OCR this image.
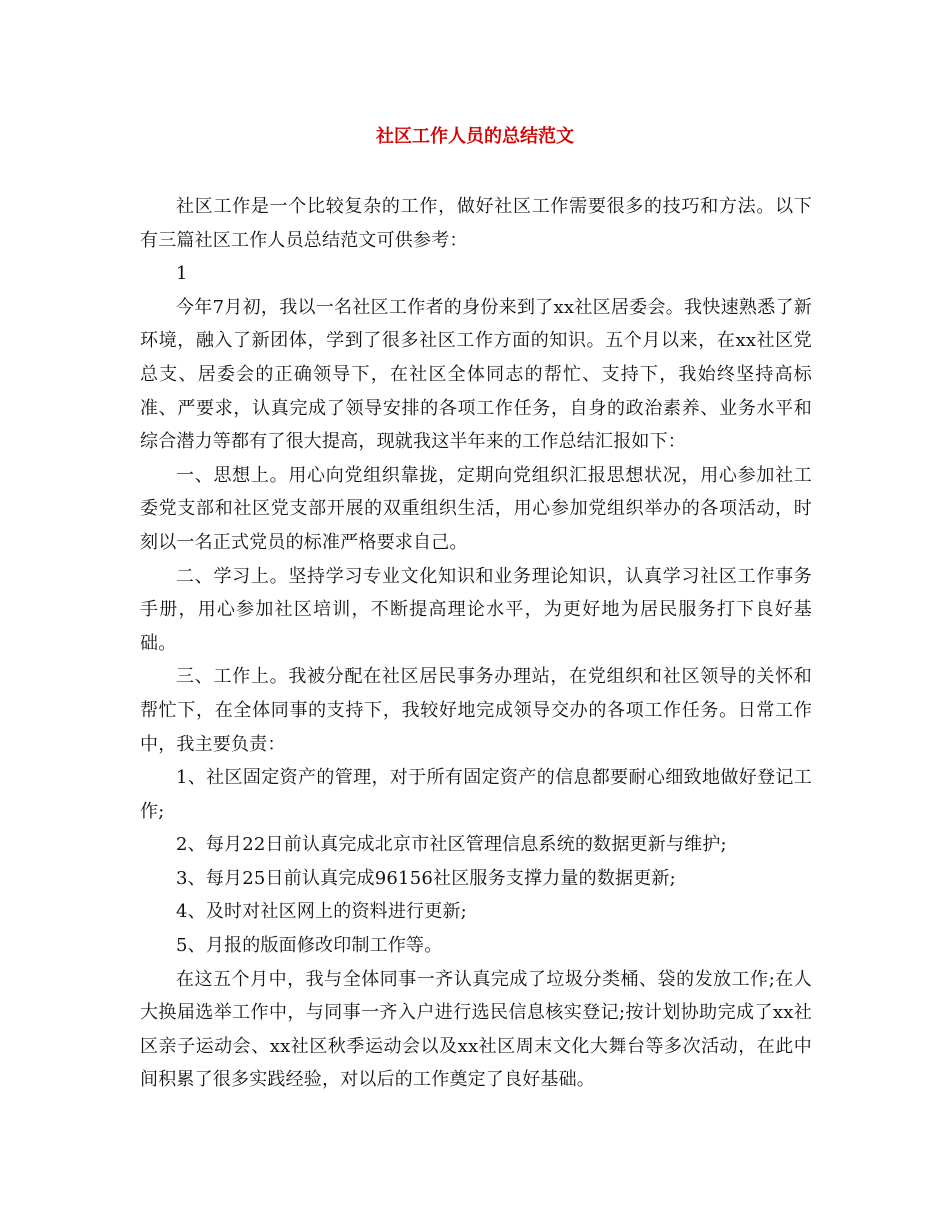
社区工作人员的总结范文

社区工作是一个比较复杂的工作，做好社区工作需要很多的技巧和方法。以下有三篇社区工作人员总结范文可供参考：

1

今年7月初，我以一名社区工作者的身份来到了xx社区居委会。我快速熟悉了新环境，融入了新团体，学到了很多社区工作方面的知识。五个月以来，在xx社区党总支、居委会的正确领导下，在社区全体同志的帮忙、支持下，我始终坚持高标准、严要求，认真完成了领导安排的各项工作任务，自身的政治素养、业务水平和综合潜力等都有了很大提高，现就我这半年来的工作总结汇报如下：

一、思想上。用心向党组织靠拢，定期向党组织汇报思想状况，用心参加社工委党支部和社区党支部开展的双重组织生活，用心参加党组织举办的各项活动，时刻以一名正式党员的标准严格要求自己。

二、学习上。坚持学习专业文化知识和业务理论知识，认真学习社区工作事务手册，用心参加社区培训，不断提高理论水平，为更好地为居民服务打下良好基础。

三、工作上。我被分配在社区居民事务办理站，在党组织和社区领导的关怀和帮忙下，在全体同事的支持下，我较好地完成领导交办的各项工作任务。日常工作中，我主要负责：

1、社区固定资产的管理，对于所有固定资产的信息都要耐心细致地做好登记工作;

2、每月22日前认真完成北京市社区管理信息系统的数据更新与维护;

3、每月25日前认真完成96156社区服务支撑力量的数据更新;

4、及时对社区网上的资料进行更新;

5、月报的版面修改印制工作等。

在这五个月中，我与全体同事一齐认真完成了垃圾分类桶、袋的发放工作;在人大换届选举工作中，与同事一齐入户进行选民信息核实登记;按计划协助完成了xx社区亲子运动会、xx社区秋季运动会以及xx社区周末文化大舞台等多次活动，在此中间积累了很多实践经验，对以后的工作奠定了良好基础。
